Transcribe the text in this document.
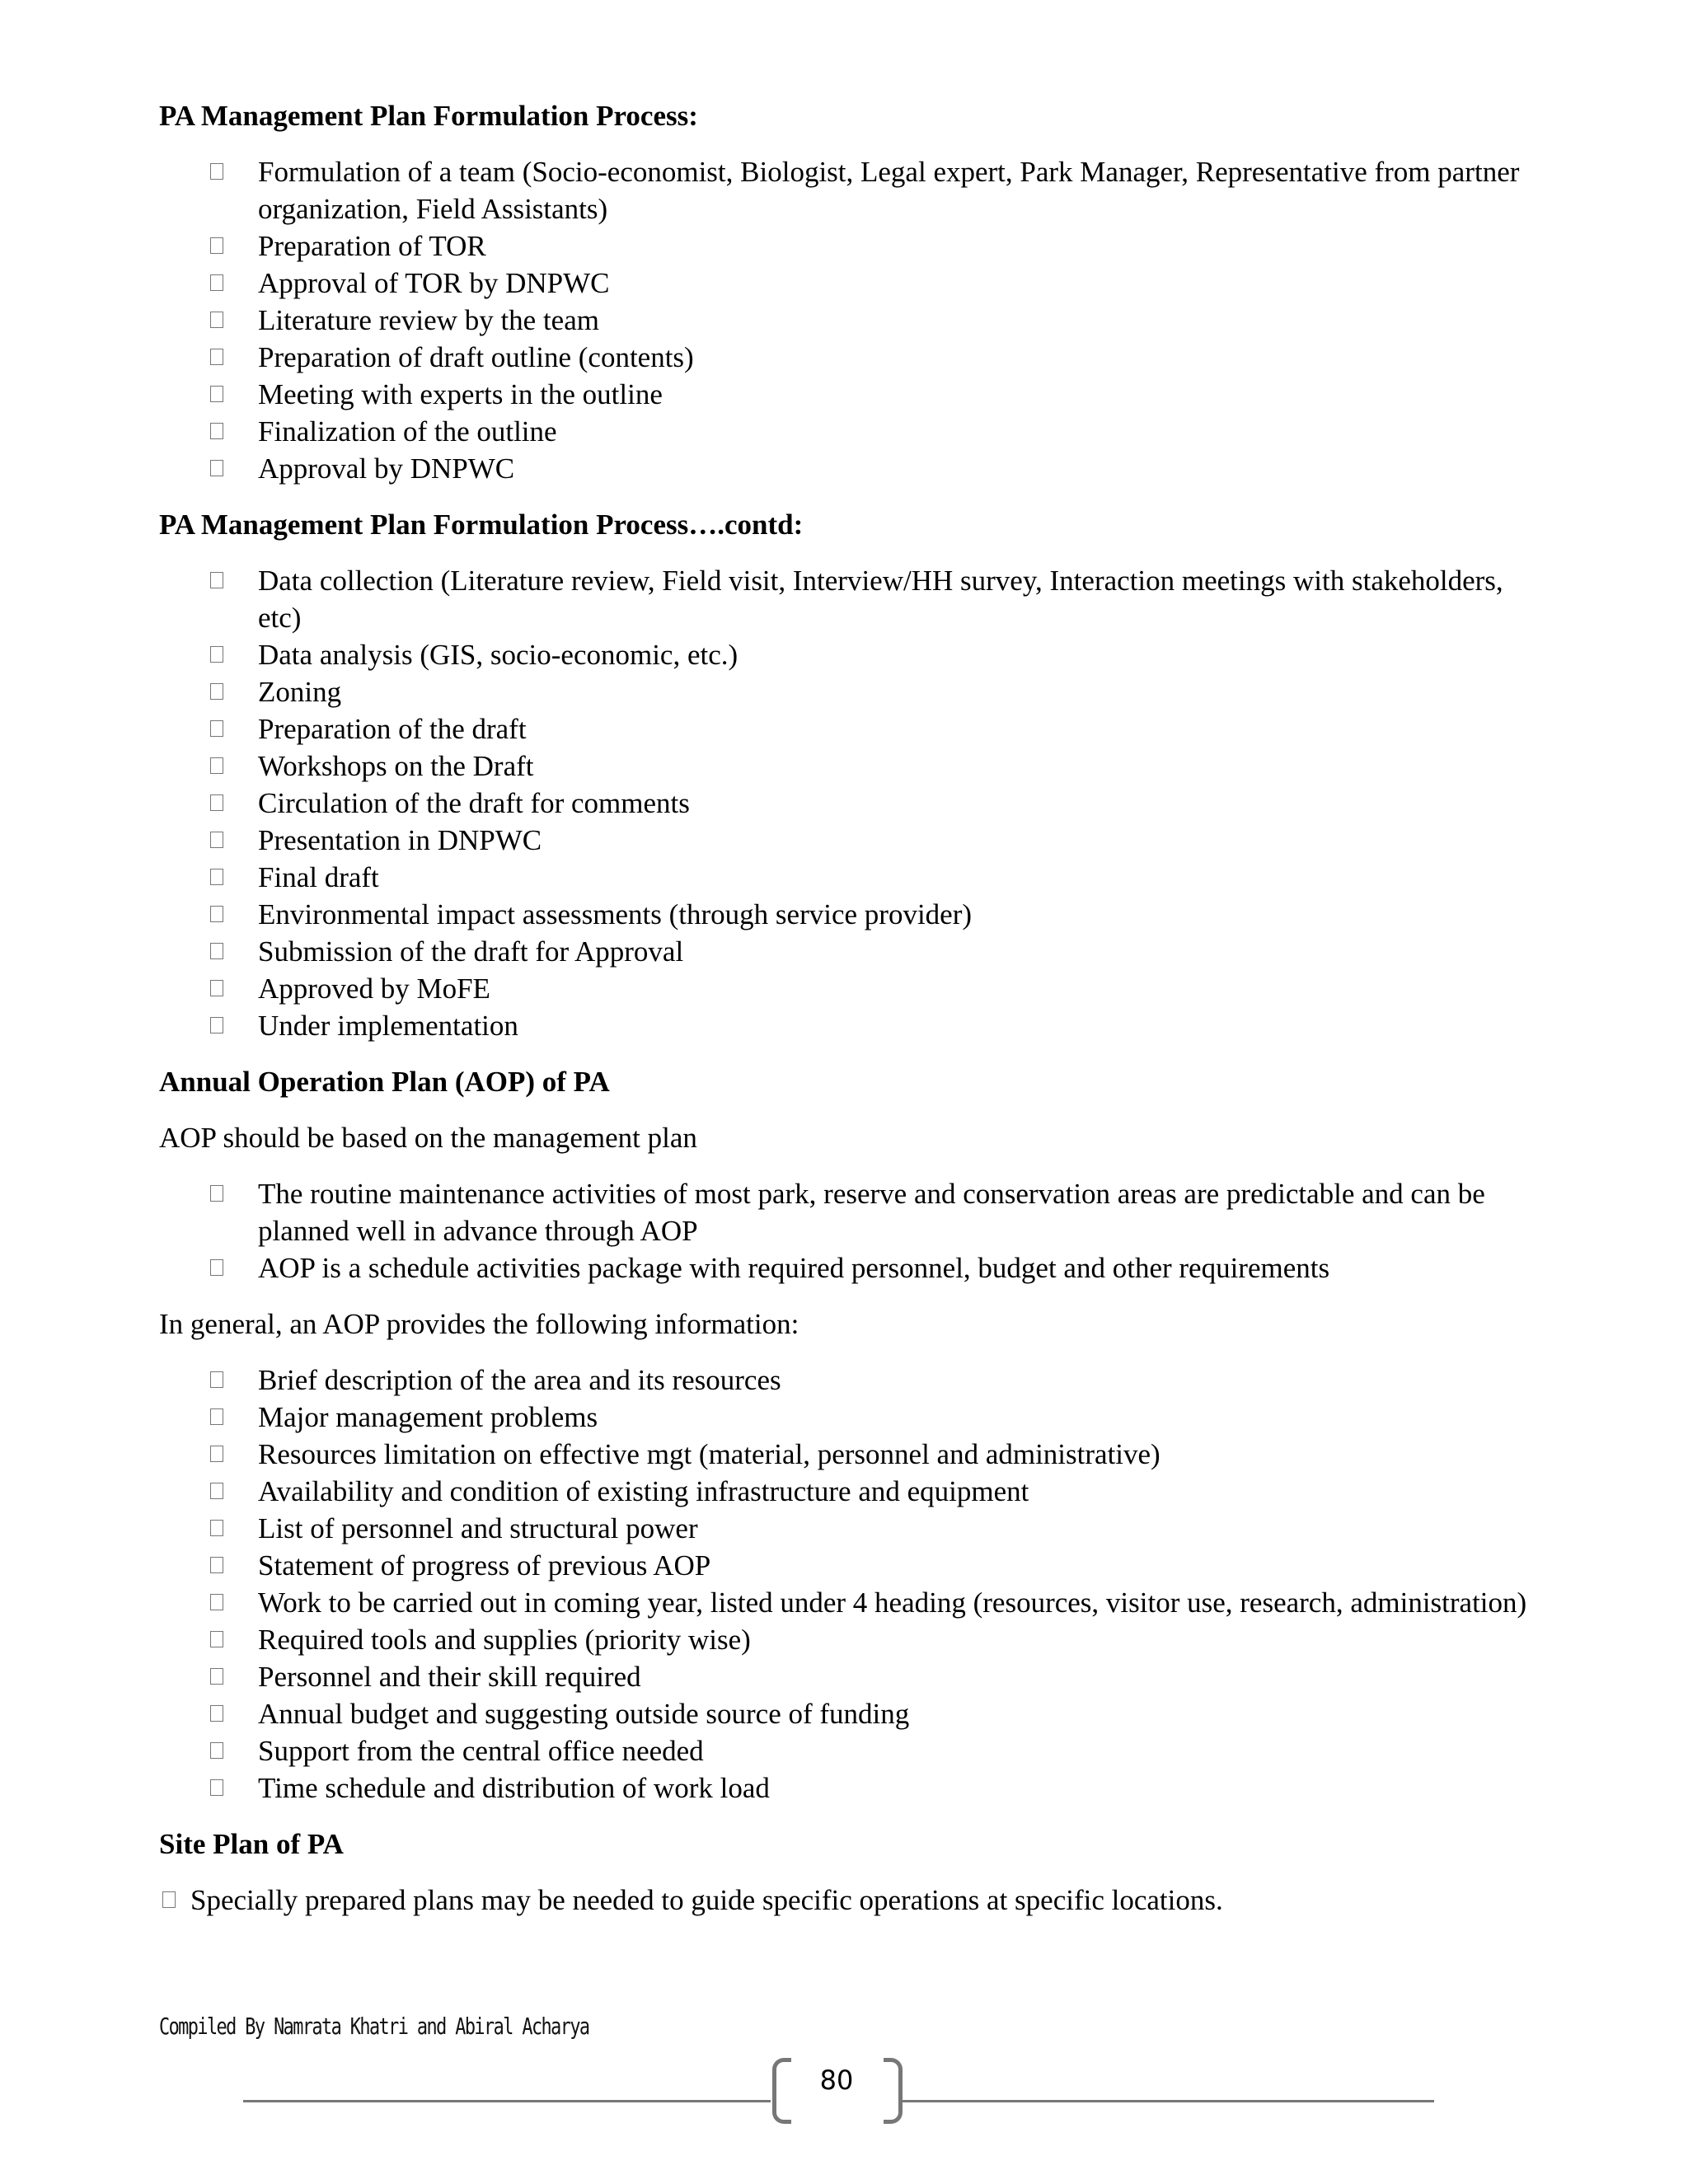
PA Management Plan Formulation Process:
Formulation of a team (Socio-economist, Biologist, Legal expert, Park Manager, Representative from partner organization, Field Assistants)
Preparation of TOR
Approval of TOR by DNPWC
Literature review by the team
Preparation of draft outline (contents)
Meeting with experts in the outline
Finalization of the outline
Approval by DNPWC
PA Management Plan Formulation Process….contd:
Data collection (Literature review, Field visit, Interview/HH survey, Interaction meetings with stakeholders, etc)
Data analysis (GIS, socio-economic, etc.)
Zoning
Preparation of the draft
Workshops on the Draft
Circulation of the draft for comments
Presentation in DNPWC
Final draft
Environmental impact assessments (through service provider)
Submission of the draft for Approval
Approved by MoFE
Under implementation
Annual Operation Plan (AOP) of PA

AOP should be based on the management plan

The routine maintenance activities of most park, reserve and conservation areas are predictable and can be planned well in advance through AOP
AOP is a schedule activities package with required personnel, budget and other requirements

In general, an AOP provides the following information:

Brief description of the area and its resources
Major management problems
Resources limitation on effective mgt (material, personnel and administrative)
Availability and condition of existing infrastructure and equipment
List of personnel and structural power
Statement of progress of previous AOP
Work to be carried out in coming year, listed under 4 heading (resources, visitor use, research, administration)
Required tools and supplies (priority wise)
Personnel and their skill required
Annual budget and suggesting outside source of funding
Support from the central office needed
Time schedule and distribution of work load
Site Plan of PA
Specially prepared plans may be needed to guide specific operations at specific locations.
Compiled By Namrata Khatri and Abiral Acharya
80
